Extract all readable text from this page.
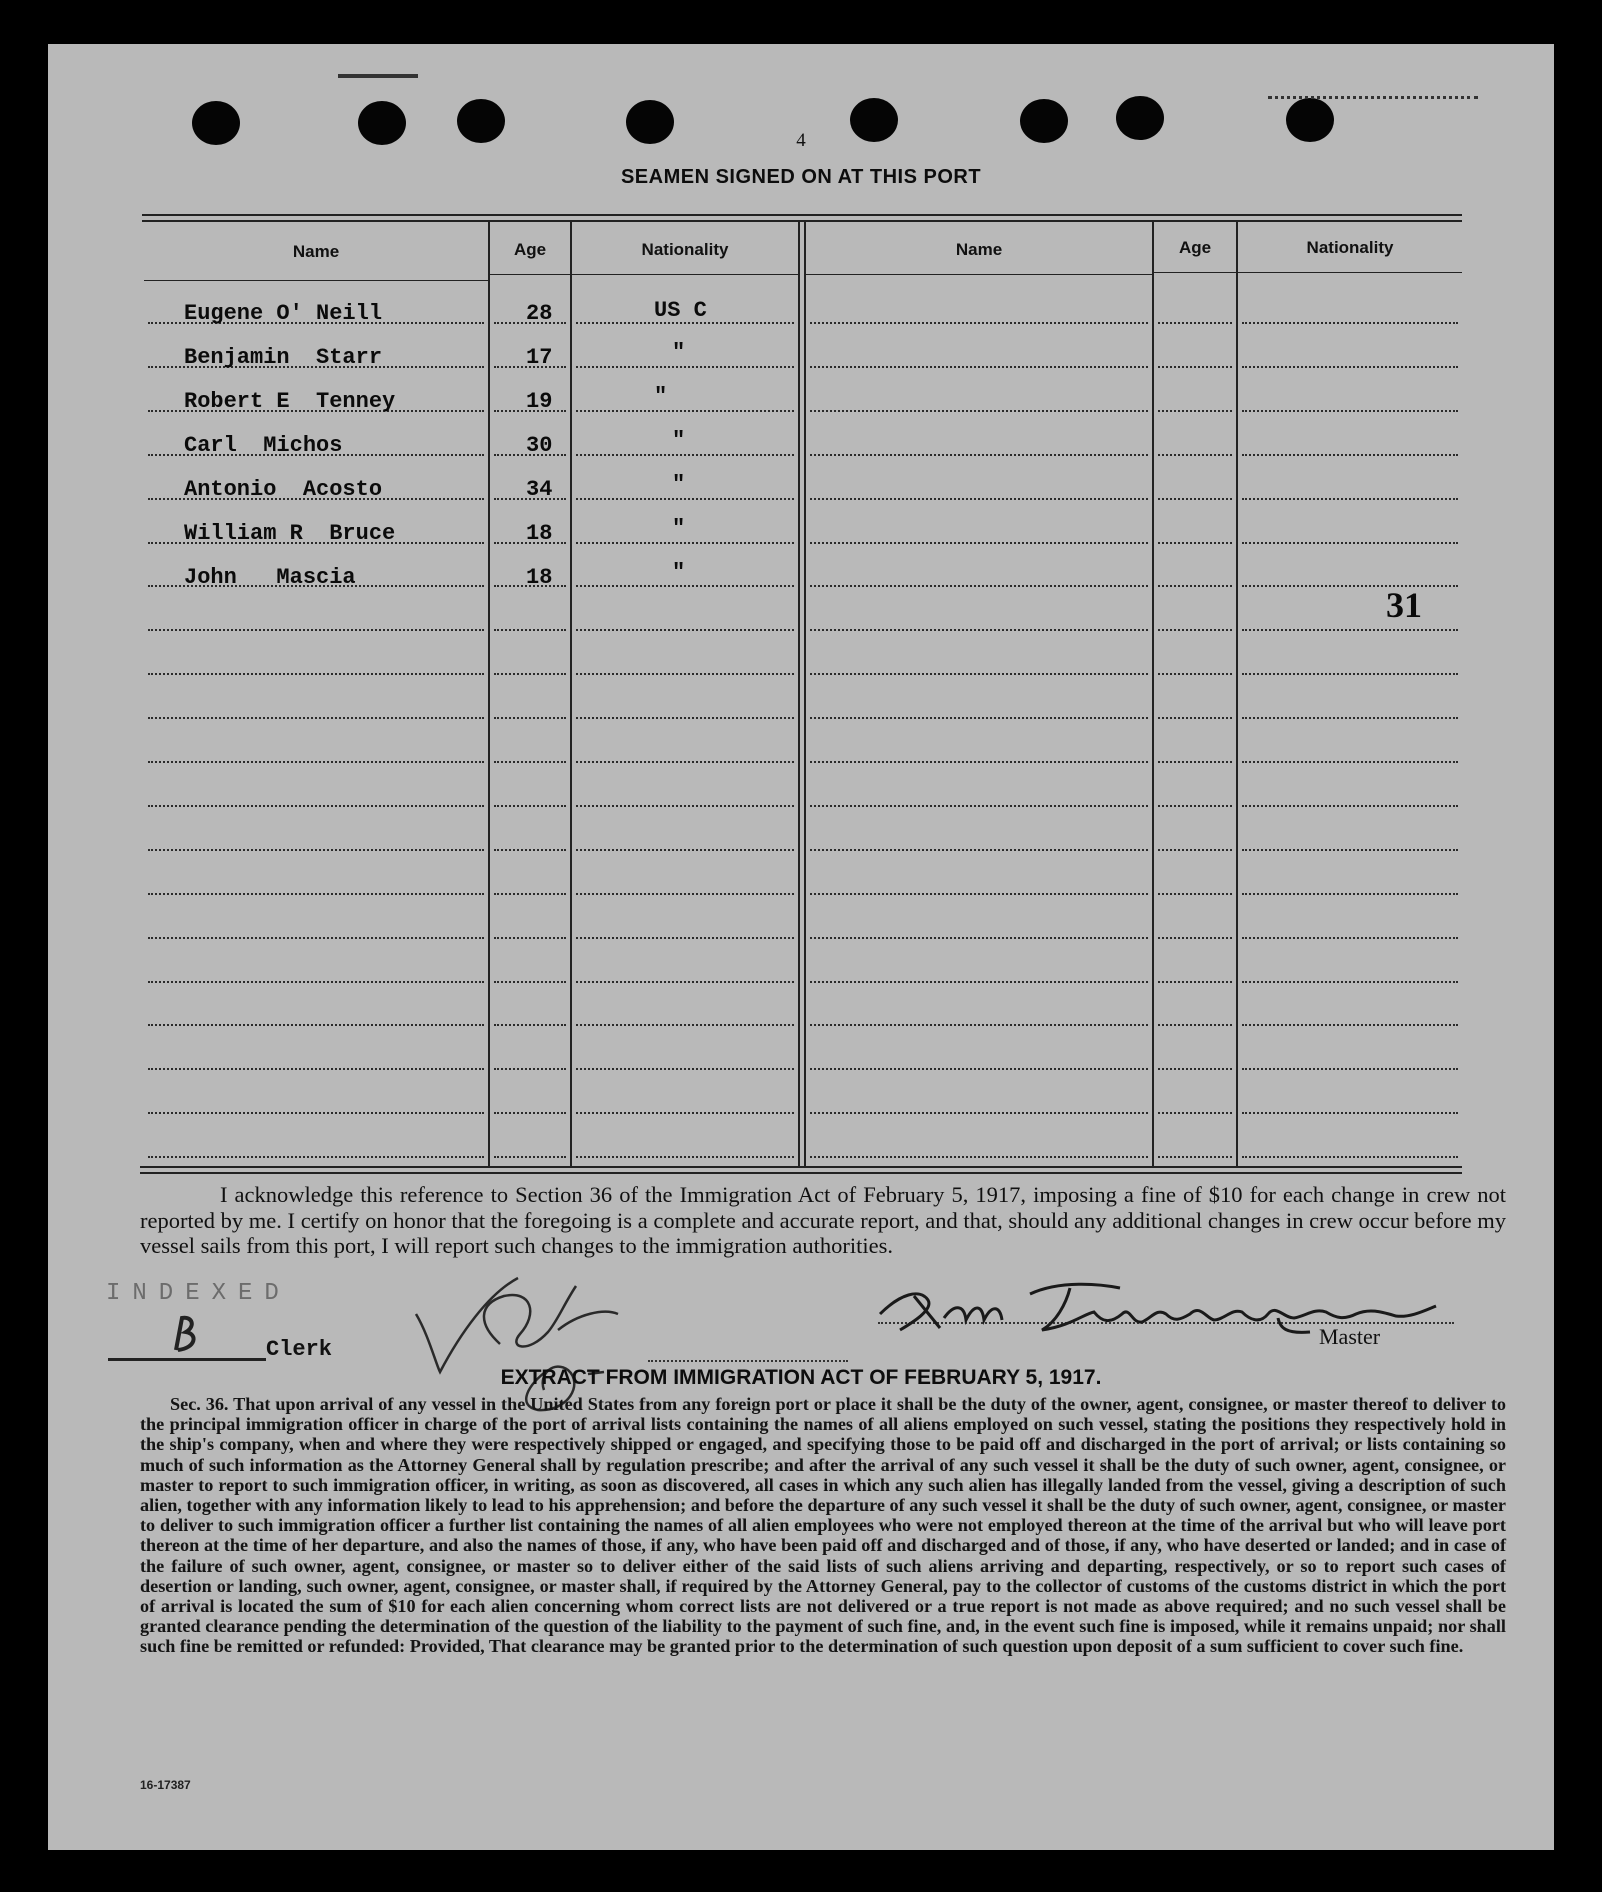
4
SEAMEN SIGNED ON AT THIS PORT
Name	Age	Nationality	Name	Age	Nationality
Eugene O' Neill	28	US C
Benjamin  Starr	17	"
Robert E  Tenney	19	"
Carl  Michos	30	"
Antonio  Acosto	34	"
William R  Bruce	18	"
John   Mascia	18	"
31

I acknowledge this reference to Section 36 of the Immigration Act of February 5, 1917, imposing a fine of $10 for each change in crew not reported by me. I certify on honor that the foregoing is a complete and accurate report, and that, should any additional changes in crew occur before my vessel sails from this port, I will report such changes to the immigration authorities.

INDEXED
Clerk
Master
EXTRACT FROM IMMIGRATION ACT OF FEBRUARY 5, 1917.

Sec. 36. That upon arrival of any vessel in the United States from any foreign port or place it shall be the duty of the owner, agent, consignee, or master thereof to deliver to the principal immigration officer in charge of the port of arrival lists containing the names of all aliens employed on such vessel, stating the positions they respectively hold in the ship's company, when and where they were respectively shipped or engaged, and specifying those to be paid off and discharged in the port of arrival; or lists containing so much of such information as the Attorney General shall by regulation prescribe; and after the arrival of any such vessel it shall be the duty of such owner, agent, consignee, or master to report to such immigration officer, in writing, as soon as discovered, all cases in which any such alien has illegally landed from the vessel, giving a description of such alien, together with any information likely to lead to his apprehension; and before the departure of any such vessel it shall be the duty of such owner, agent, consignee, or master to deliver to such immigration officer a further list containing the names of all alien employees who were not employed thereon at the time of the arrival but who will leave port thereon at the time of her departure, and also the names of those, if any, who have been paid off and discharged and of those, if any, who have deserted or landed; and in case of the failure of such owner, agent, consignee, or master so to deliver either of the said lists of such aliens arriving and departing, respectively, or so to report such cases of desertion or landing, such owner, agent, consignee, or master shall, if required by the Attorney General, pay to the collector of customs of the customs district in which the port of arrival is located the sum of $10 for each alien concerning whom correct lists are not delivered or a true report is not made as above required; and no such vessel shall be granted clearance pending the determination of the question of the liability to the payment of such fine, and, in the event such fine is imposed, while it remains unpaid; nor shall such fine be remitted or refunded: Provided, That clearance may be granted prior to the determination of such question upon deposit of a sum sufficient to cover such fine.

16-17387
